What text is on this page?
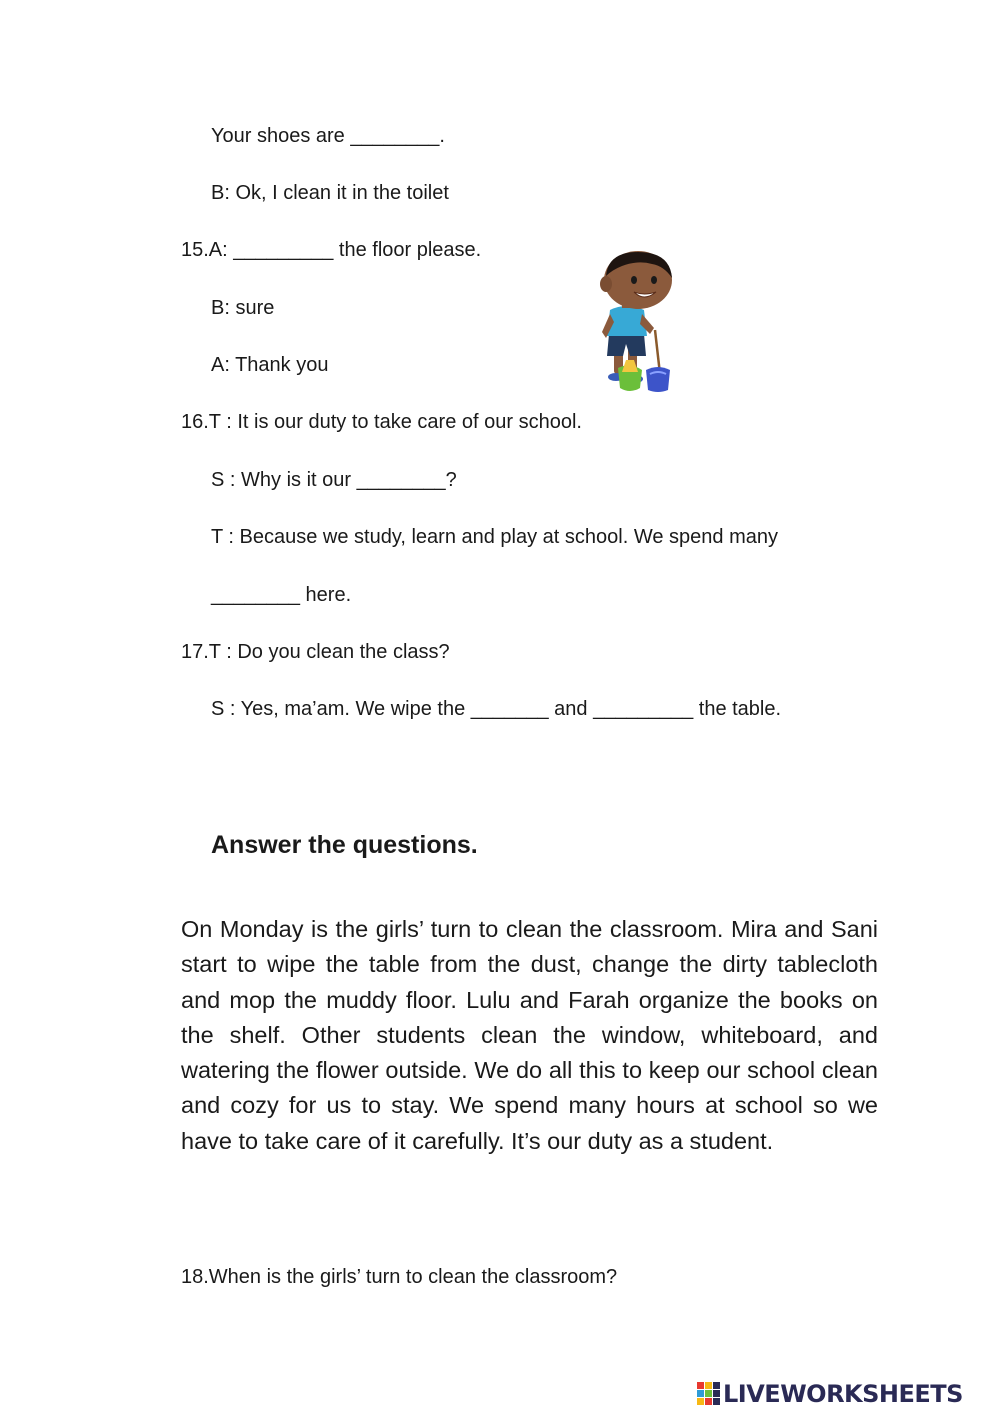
Your shoes are ________.
B: Ok, I clean it in the toilet
15.A: _________ the floor please.
B: sure
A: Thank you
16.T : It is our duty to take care of our school.
S : Why is it our ________?
T : Because we study, learn and play at school. We spend many
________ here.
17.T : Do you clean the class?
S : Yes, ma’am. We wipe the _______ and _________ the table.
Answer the questions.
On Monday is the girls’ turn to clean the classroom. Mira and Sani start to wipe the table from the dust, change the dirty tablecloth and mop the muddy floor. Lulu and Farah organize the books on the shelf. Other students clean the window, whiteboard, and watering the flower outside. We do all this to keep our school clean and cozy for us to stay. We spend many hours at school so we have to take care of it carefully. It’s our duty as a student.
18.When is the girls’ turn to clean the classroom?
LIVEWORKSHEETS
